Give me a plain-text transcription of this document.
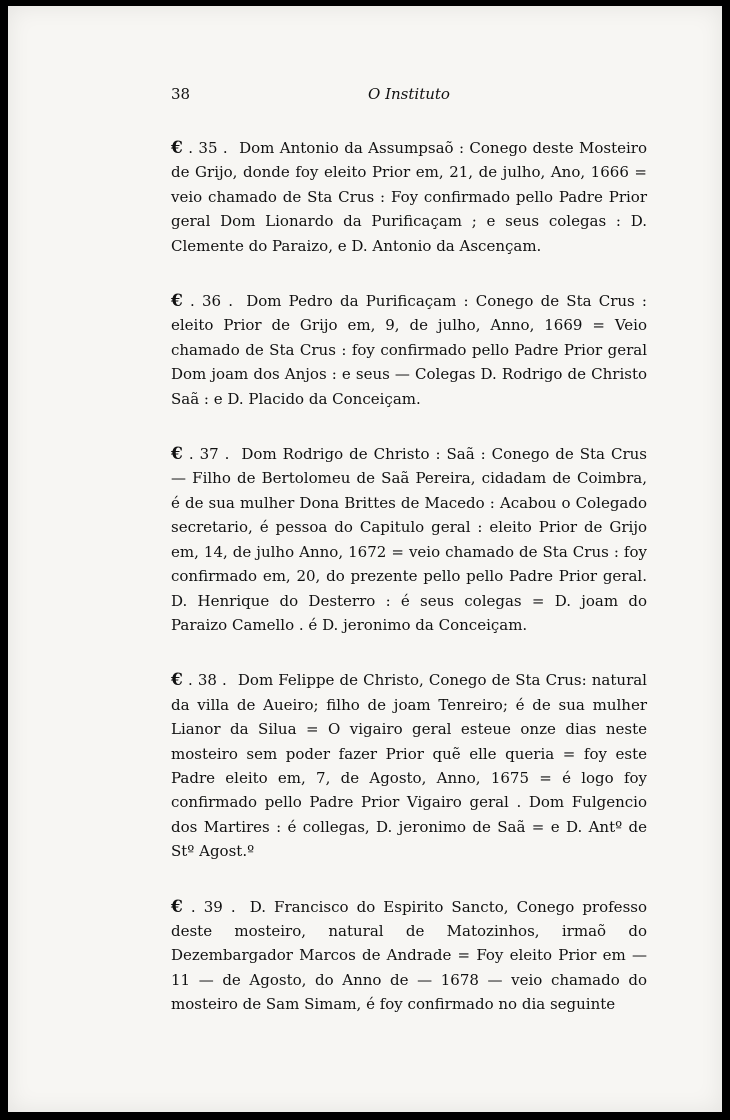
38	O Instituto

€ . 35 . Dom Antonio da Assumpsaõ : Conego deste Mosteiro de Grijo, donde foy eleito Prior em, 21, de julho, Ano, 1666 = veio chamado de Sta Crus : Foy confirmado pello Padre Prior geral Dom Lionardo da Purificaçam ; e seus colegas : D. Clemente do Paraizo, e D. Antonio da Ascençam.

€ . 36 . Dom Pedro da Purificaçam : Conego de Sta Crus : eleito Prior de Grijo em, 9, de julho, Anno, 1669 = Veio chamado de Sta Crus : foy confirmado pello Padre Prior geral Dom joam dos Anjos : e seus — Colegas D. Rodrigo de Christo Saã : e D. Placido da Conceiçam.

€ . 37 . Dom Rodrigo de Christo : Saã : Conego de Sta Crus — Filho de Bertolomeu de Saã Pereira, cidadam de Coimbra, é de sua mulher Dona Brittes de Macedo : Acabou o Colegado secretario, é pessoa do Capitulo geral : eleito Prior de Grijo em, 14, de julho Anno, 1672 = veio chamado de Sta Crus : foy confirmado em, 20, do prezente pello pello Padre Prior geral. D. Henrique do Desterro : é seus colegas = D. joam do Paraizo Camello . é D. jeronimo da Conceiçam.

€ . 38 . Dom Felippe de Christo, Conego de Sta Crus: natural da villa de Aueiro; filho de joam Tenreiro; é de sua mulher Lianor da Silua = O vigairo geral esteue onze dias neste mosteiro sem poder fazer Prior quẽ elle queria = foy este Padre eleito em, 7, de Agosto, Anno, 1675 = é logo foy confirmado pello Padre Prior Vigairo geral . Dom Fulgencio dos Martires : é collegas, D. jeronimo de Saã = e D. Antº de Stº Agost.º

€ . 39 . D. Francisco do Espirito Sancto, Conego professo deste mosteiro, natural de Matozinhos, irmaõ do Dezembargador Marcos de Andrade = Foy eleito Prior em — 11 — de Agosto, do Anno de — 1678 — veio chamado do mosteiro de Sam Simam, é foy confirmado no dia seguinte
